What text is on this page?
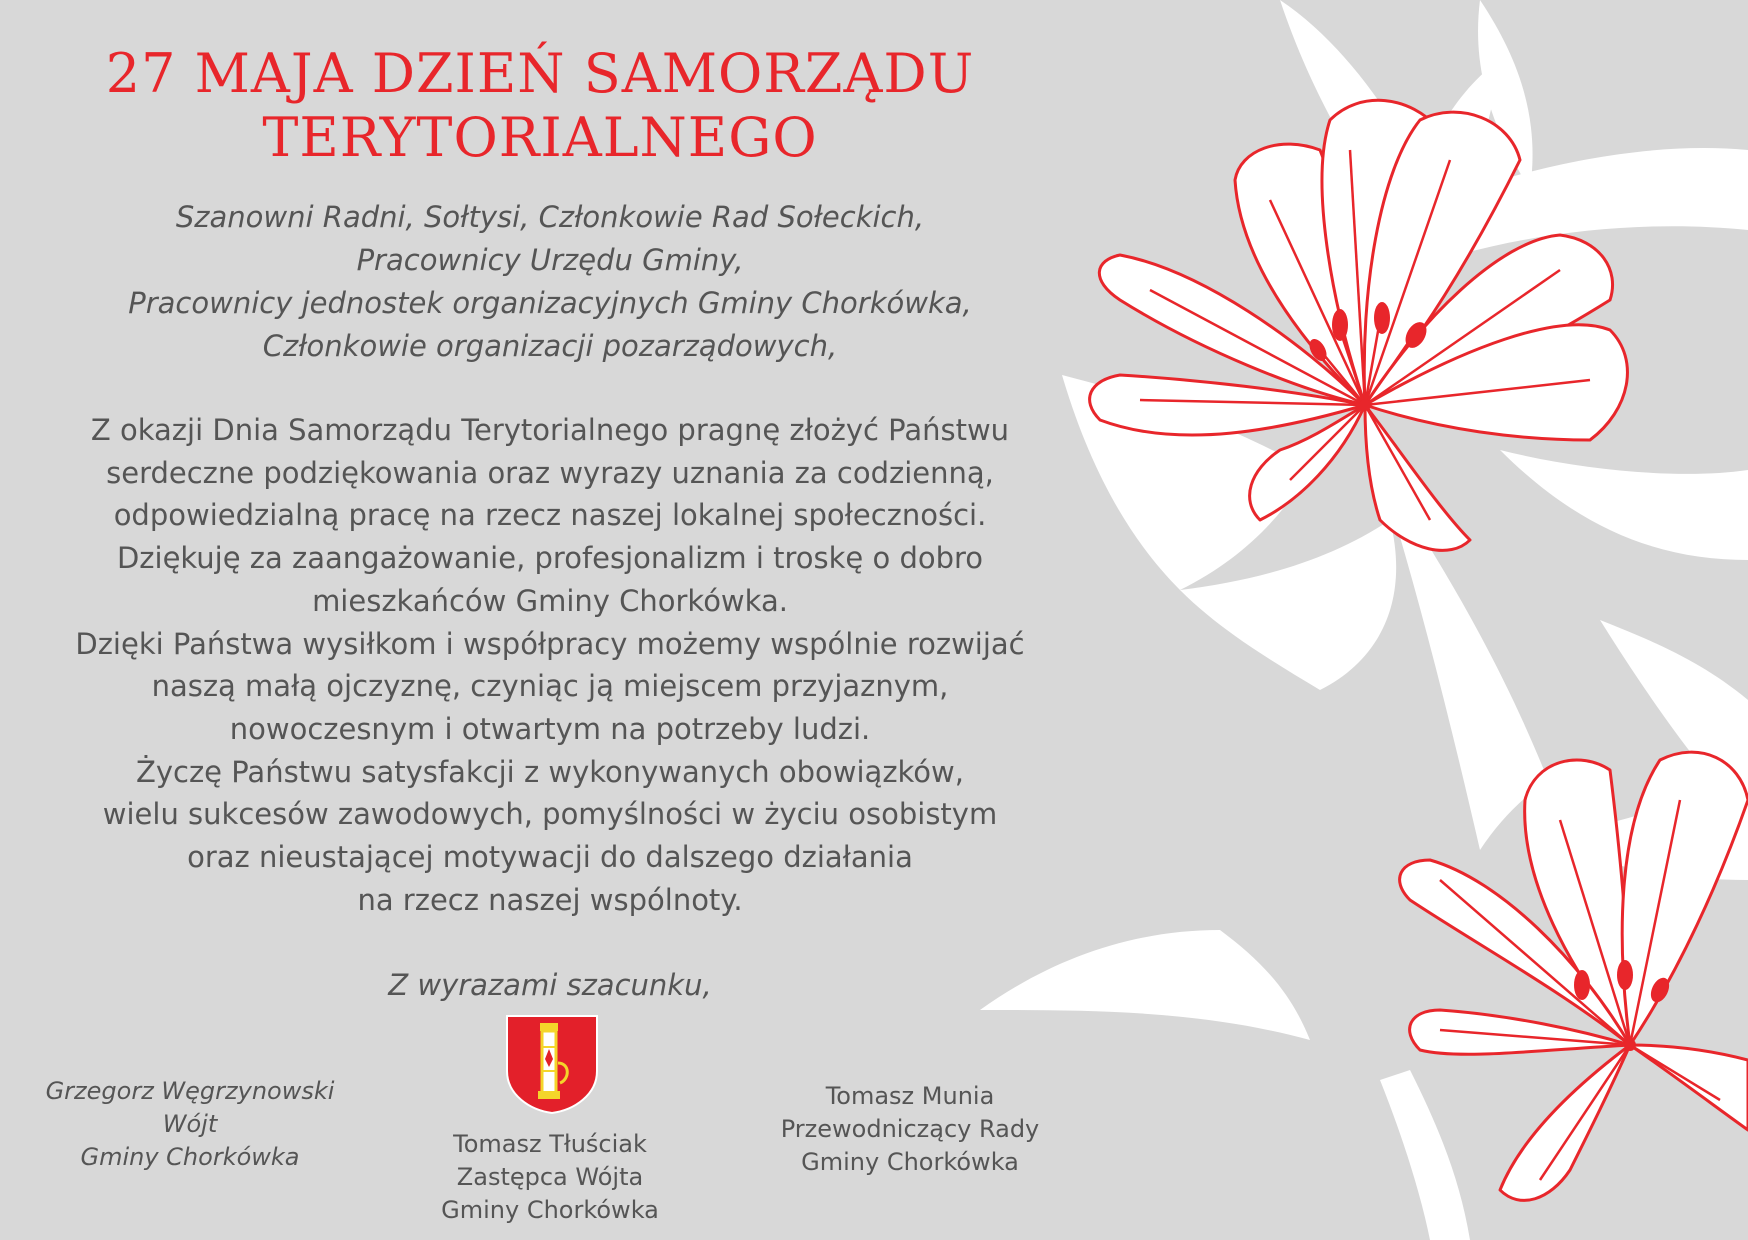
27 MAJA DZIEŃ SAMORZĄDU
TERYTORIALNEGO
Szanowni Radni, Sołtysi, Członkowie Rad Sołeckich,
Pracownicy Urzędu Gminy,
Pracownicy jednostek organizacyjnych Gminy Chorkówka,
Członkowie organizacji pozarządowych,
Z okazji Dnia Samorządu Terytorialnego pragnę złożyć Państwu
serdeczne podziękowania oraz wyrazy uznania za codzienną,
odpowiedzialną pracę na rzecz naszej lokalnej społeczności.
Dziękuję za zaangażowanie, profesjonalizm i troskę o dobro
mieszkańców Gminy Chorkówka.
Dzięki Państwa wysiłkom i współpracy możemy wspólnie rozwijać
naszą małą ojczyznę, czyniąc ją miejscem przyjaznym,
nowoczesnym i otwartym na potrzeby ludzi.
Życzę Państwu satysfakcji z wykonywanych obowiązków,
wielu sukcesów zawodowych, pomyślności w życiu osobistym
oraz nieustającej motywacji do dalszego działania
na rzecz naszej wspólnoty.
Z wyrazami szacunku,
Grzegorz Węgrzynowski
Wójt
Gminy Chorkówka	Tomasz Tłuściak
Zastępca Wójta
Gminy Chorkówka
Tomasz Munia
Przewodniczący Rady
Gminy Chorkówka
